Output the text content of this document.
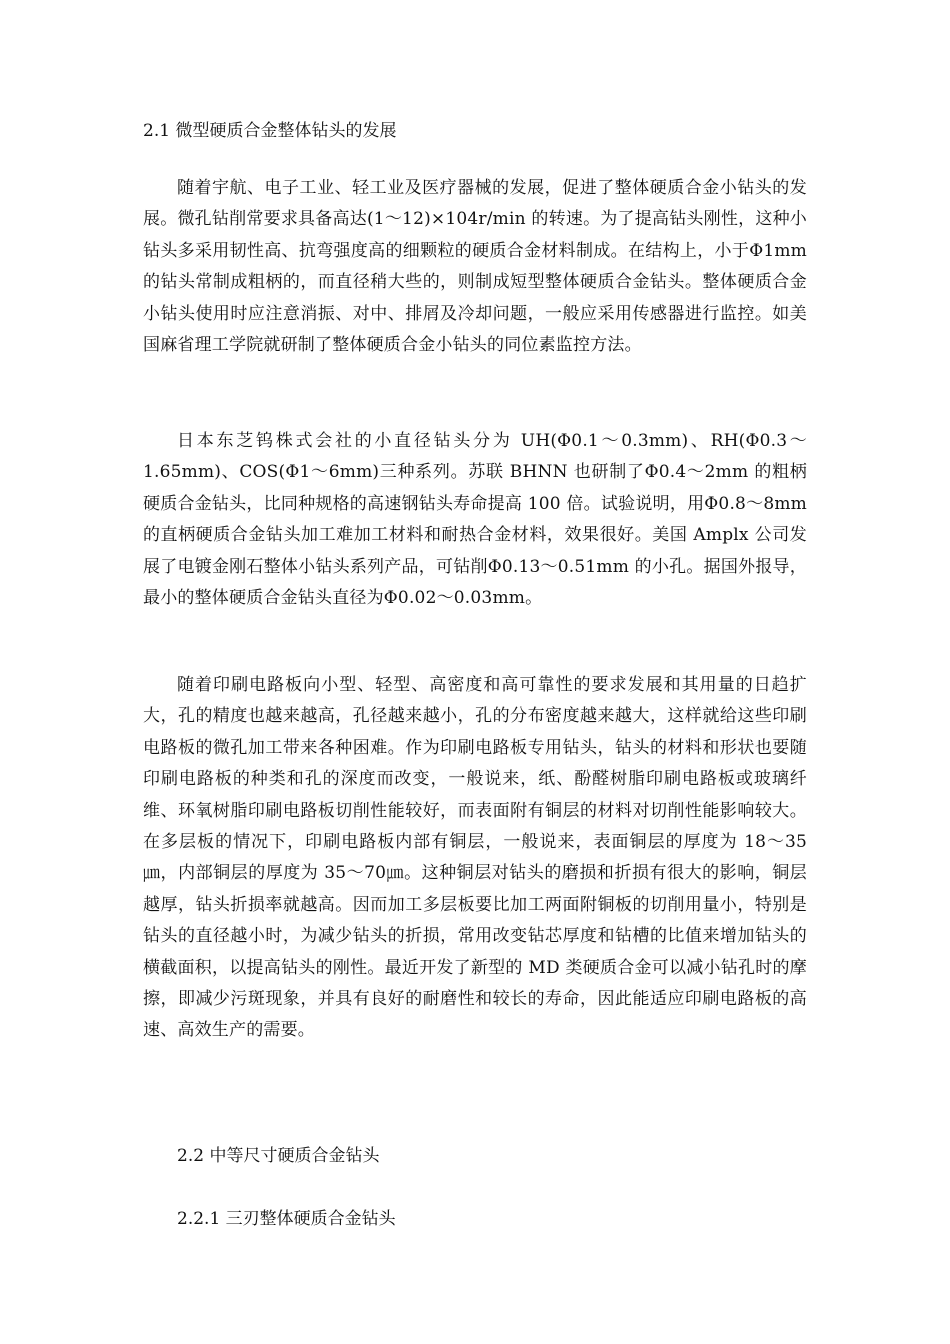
2.1 微型硬质合金整体钻头的发展

随着宇航、电子工业、轻工业及医疗器械的发展，促进了整体硬质合金小钻头的发展。微孔钻削常要求具备高达(1～12)×104r/min 的转速。为了提高钻头刚性，这种小钻头多采用韧性高、抗弯强度高的细颗粒的硬质合金材料制成。在结构上，小于Φ1mm 的钻头常制成粗柄的，而直径稍大些的，则制成短型整体硬质合金钻头。整体硬质合金小钻头使用时应注意消振、对中、排屑及冷却问题，一般应采用传感器进行监控。如美国麻省理工学院就研制了整体硬质合金小钻头的同位素监控方法。

日本东芝钨株式会社的小直径钻头分为 UH(Φ0.1～0.3mm)、RH(Φ0.3～1.65mm)、COS(Φ1～6mm)三种系列。苏联 BHNN 也研制了Φ0.4～2mm 的粗柄硬质合金钻头，比同种规格的高速钢钻头寿命提高 100 倍。试验说明，用Φ0.8～8mm 的直柄硬质合金钻头加工难加工材料和耐热合金材料，效果很好。美国 Amplx 公司发展了电镀金刚石整体小钻头系列产品，可钻削Φ0.13～0.51mm 的小孔。据国外报导，最小的整体硬质合金钻头直径为Φ0.02～0.03mm。

随着印刷电路板向小型、轻型、高密度和高可靠性的要求发展和其用量的日趋扩大，孔的精度也越来越高，孔径越来越小，孔的分布密度越来越大，这样就给这些印刷电路板的微孔加工带来各种困难。作为印刷电路板专用钻头，钻头的材料和形状也要随印刷电路板的种类和孔的深度而改变，一般说来，纸、酚醛树脂印刷电路板或玻璃纤维、环氧树脂印刷电路板切削性能较好，而表面附有铜层的材料对切削性能影响较大。在多层板的情况下，印刷电路板内部有铜层，一般说来，表面铜层的厚度为 18～35㎛，内部铜层的厚度为 35～70㎛。这种铜层对钻头的磨损和折损有很大的影响，铜层越厚，钻头折损率就越高。因而加工多层板要比加工两面附铜板的切削用量小，特别是钻头的直径越小时，为减少钻头的折损，常用改变钻芯厚度和钻槽的比值来增加钻头的横截面积，以提高钻头的刚性。最近开发了新型的 MD 类硬质合金可以减小钻孔时的摩擦，即减少污斑现象，并具有良好的耐磨性和较长的寿命，因此能适应印刷电路板的高速、高效生产的需要。

2.2 中等尺寸硬质合金钻头
2.2.1 三刃整体硬质合金钻头
